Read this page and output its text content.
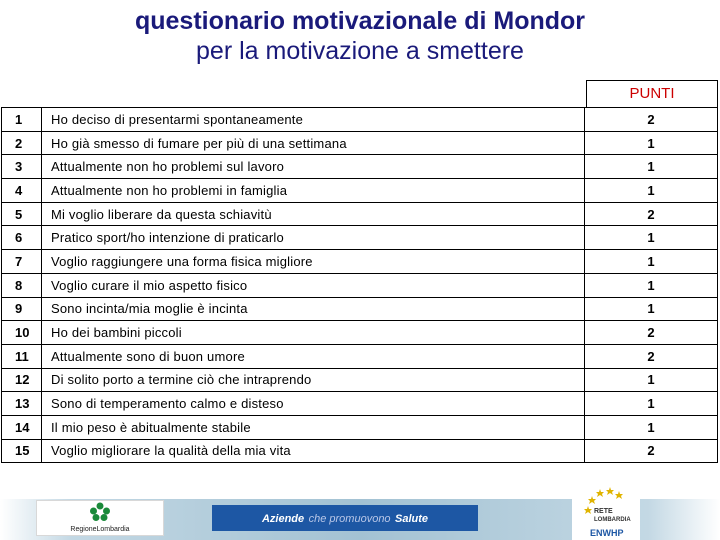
questionario motivazionale di Mondor
per la motivazione a smettere
PUNTI
1	Ho deciso di presentarmi spontaneamente	2
2	Ho già smesso di fumare per più di una settimana	1
3	Attualmente non ho problemi sul lavoro	1
4	Attualmente non ho problemi in famiglia	1
5	Mi voglio liberare da questa schiavitù	2
6	Pratico sport/ho intenzione di praticarlo	1
7	Voglio raggiungere una forma fisica migliore	1
8	Voglio curare il mio aspetto fisico	1
9	Sono incinta/mia moglie è incinta	1
10	Ho dei bambini piccoli	2
11	Attualmente sono di buon umore	2
12	Di solito porto a termine ciò che intraprendo	1
13	Sono di temperamento calmo e disteso	1
14	Il mio peso è abitualmente stabile	1
15	Voglio migliorare la qualità della mia vita	2
RegioneLombardia
Aziende che promuovono Salute
RETE
LOMBARDIA
ENWHP
